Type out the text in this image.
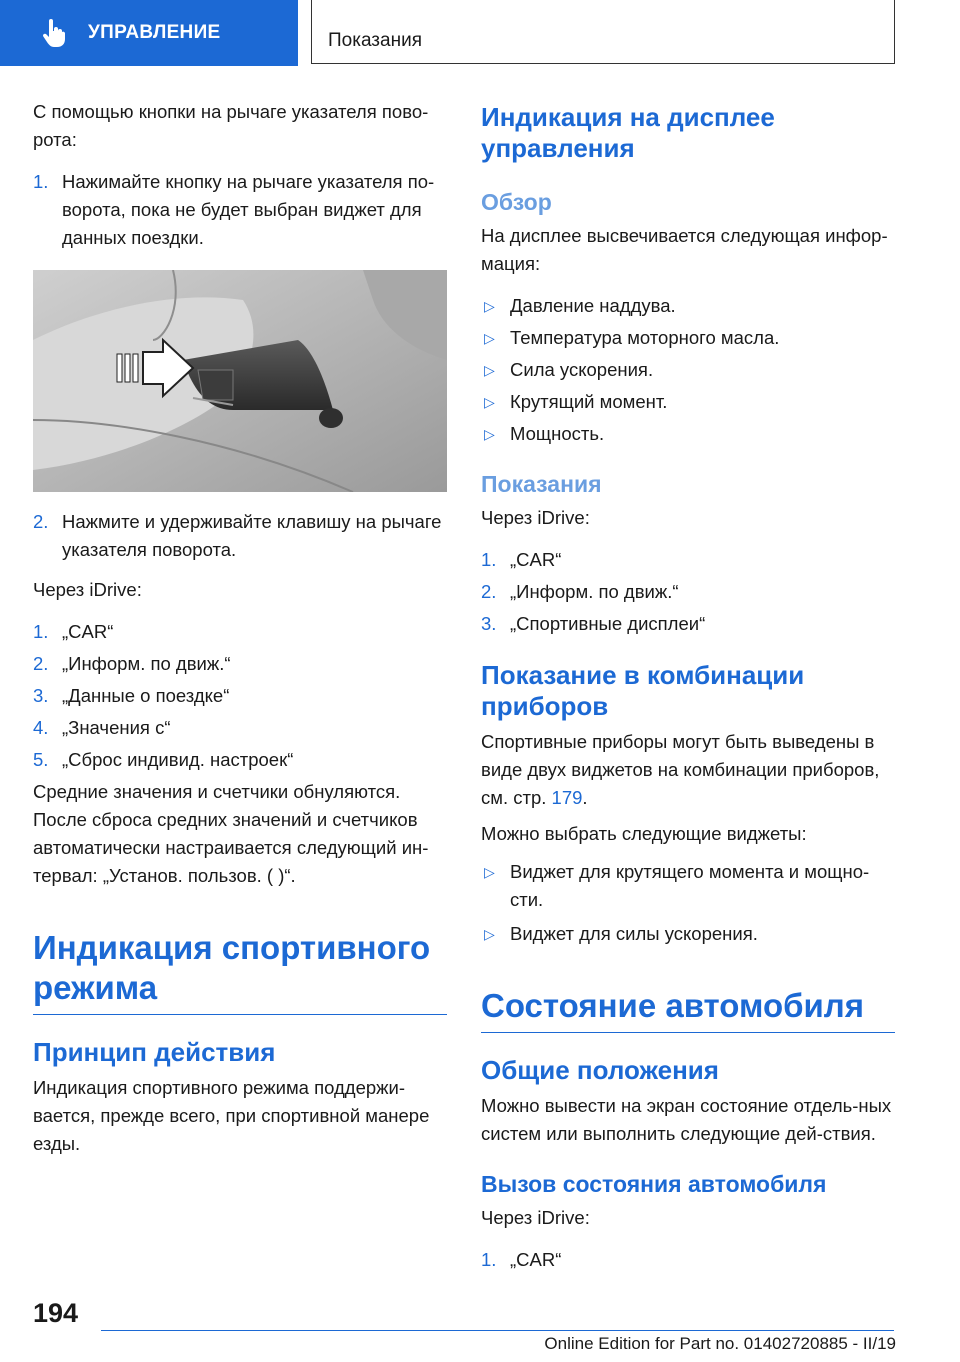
УПРАВЛЕНИЕ	Показания

С помощью кнопки на рычаге указателя пово-рота:

1. Нажимайте кнопку на рычаге указателя по-ворота, пока не будет выбран виджет для данных поездки.
2. Нажмите и удерживайте клавишу на рычаге указателя поворота.

Через iDrive:

1. „CAR“
2. „Информ. по движ.“
3. „Данные о поездке“
4. „Значения с“
5. „Сброс индивид. настроек“

Средние значения и счетчики обнуляются. После сброса средних значений и счетчиков автоматически настраивается следующий ин-тервал: „Установ. пользов. ( )“.

Индикация спортивного режима
Принцип действия

Индикация спортивного режима поддержи-вается, прежде всего, при спортивной манере езды.

Индикация на дисплее управления
Обзор

На дисплее высвечивается следующая инфор-мация:

▷ Давление наддува.
▷ Температура моторного масла.
▷ Сила ускорения.
▷ Крутящий момент.
▷ Мощность.
Показания

Через iDrive:

1. „CAR“
2. „Информ. по движ.“
3. „Спортивные дисплеи“
Показание в комбинации приборов

Спортивные приборы могут быть выведены в виде двух виджетов на комбинации приборов, см. стр. 179.

Можно выбрать следующие виджеты:

▷ Виджет для крутящего момента и мощно-сти.
▷ Виджет для силы ускорения.
Состояние автомобиля
Общие положения

Можно вывести на экран состояние отдель-ных систем или выполнить следующие дей-ствия.

Вызов состояния автомобиля

Через iDrive:

1. „CAR“
194
Online Edition for Part no. 01402720885 - II/19
